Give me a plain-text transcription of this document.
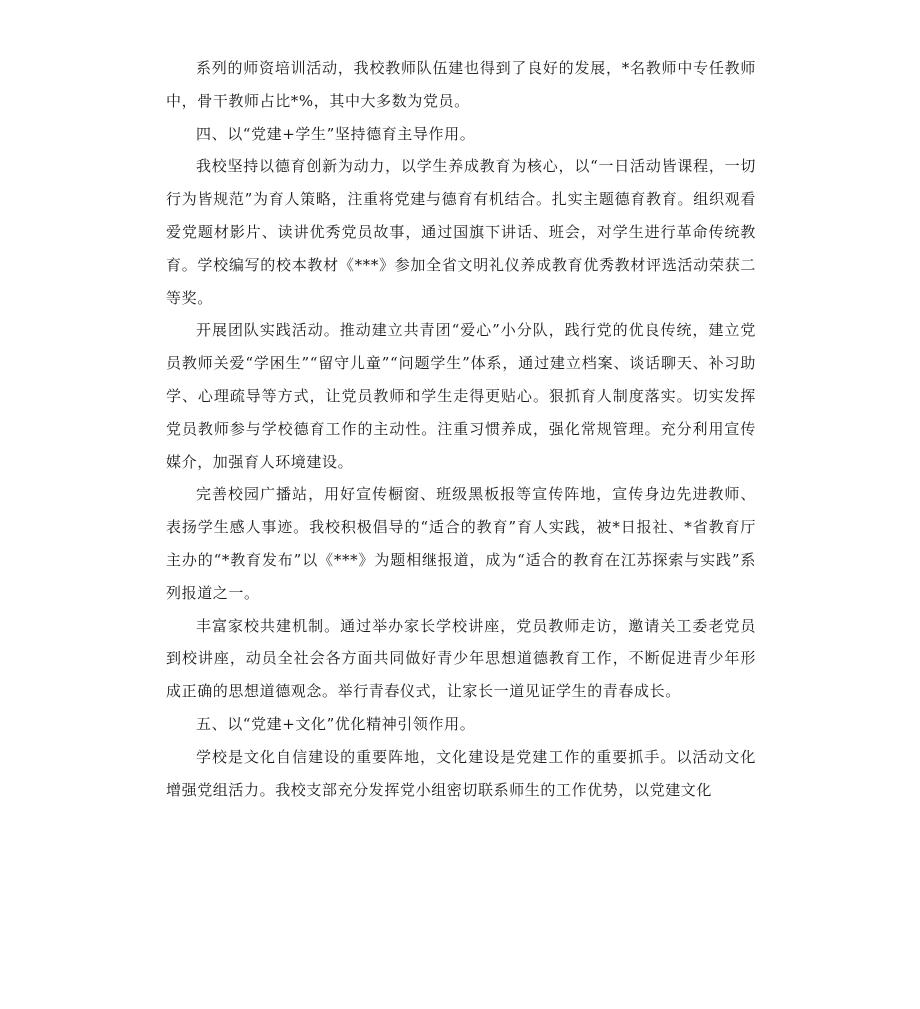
系列的师资培训活动，我校教师队伍建也得到了良好的发展，*名教师中专任教师中，骨干教师占比*%，其中大多数为党员。

四、以“党建+学生”坚持德育主导作用。

我校坚持以德育创新为动力，以学生养成教育为核心，以“一日活动皆课程，一切行为皆规范”为育人策略，注重将党建与德育有机结合。扎实主题德育教育。组织观看爱党题材影片、读讲优秀党员故事，通过国旗下讲话、班会，对学生进行革命传统教育。学校编写的校本教材《***》参加全省文明礼仪养成教育优秀教材评选活动荣获二等奖。

开展团队实践活动。推动建立共青团“爱心”小分队，践行党的优良传统，建立党员教师关爱“学困生”“留守儿童”“问题学生”体系，通过建立档案、谈话聊天、补习助学、心理疏导等方式，让党员教师和学生走得更贴心。狠抓育人制度落实。切实发挥党员教师参与学校德育工作的主动性。注重习惯养成，强化常规管理。充分利用宣传媒介，加强育人环境建设。

完善校园广播站，用好宣传橱窗、班级黑板报等宣传阵地，宣传身边先进教师、表扬学生感人事迹。我校积极倡导的“适合的教育”育人实践，被*日报社、*省教育厅主办的“*教育发布”以《***》为题相继报道，成为“适合的教育在江苏探索与实践”系列报道之一。

丰富家校共建机制。通过举办家长学校讲座，党员教师走访，邀请关工委老党员到校讲座，动员全社会各方面共同做好青少年思想道德教育工作，不断促进青少年形成正确的思想道德观念。举行青春仪式，让家长一道见证学生的青春成长。

五、以“党建+文化”优化精神引领作用。

学校是文化自信建设的重要阵地，文化建设是党建工作的重要抓手。以活动文化增强党组活力。我校支部充分发挥党小组密切联系师生的工作优势，以党建文化
